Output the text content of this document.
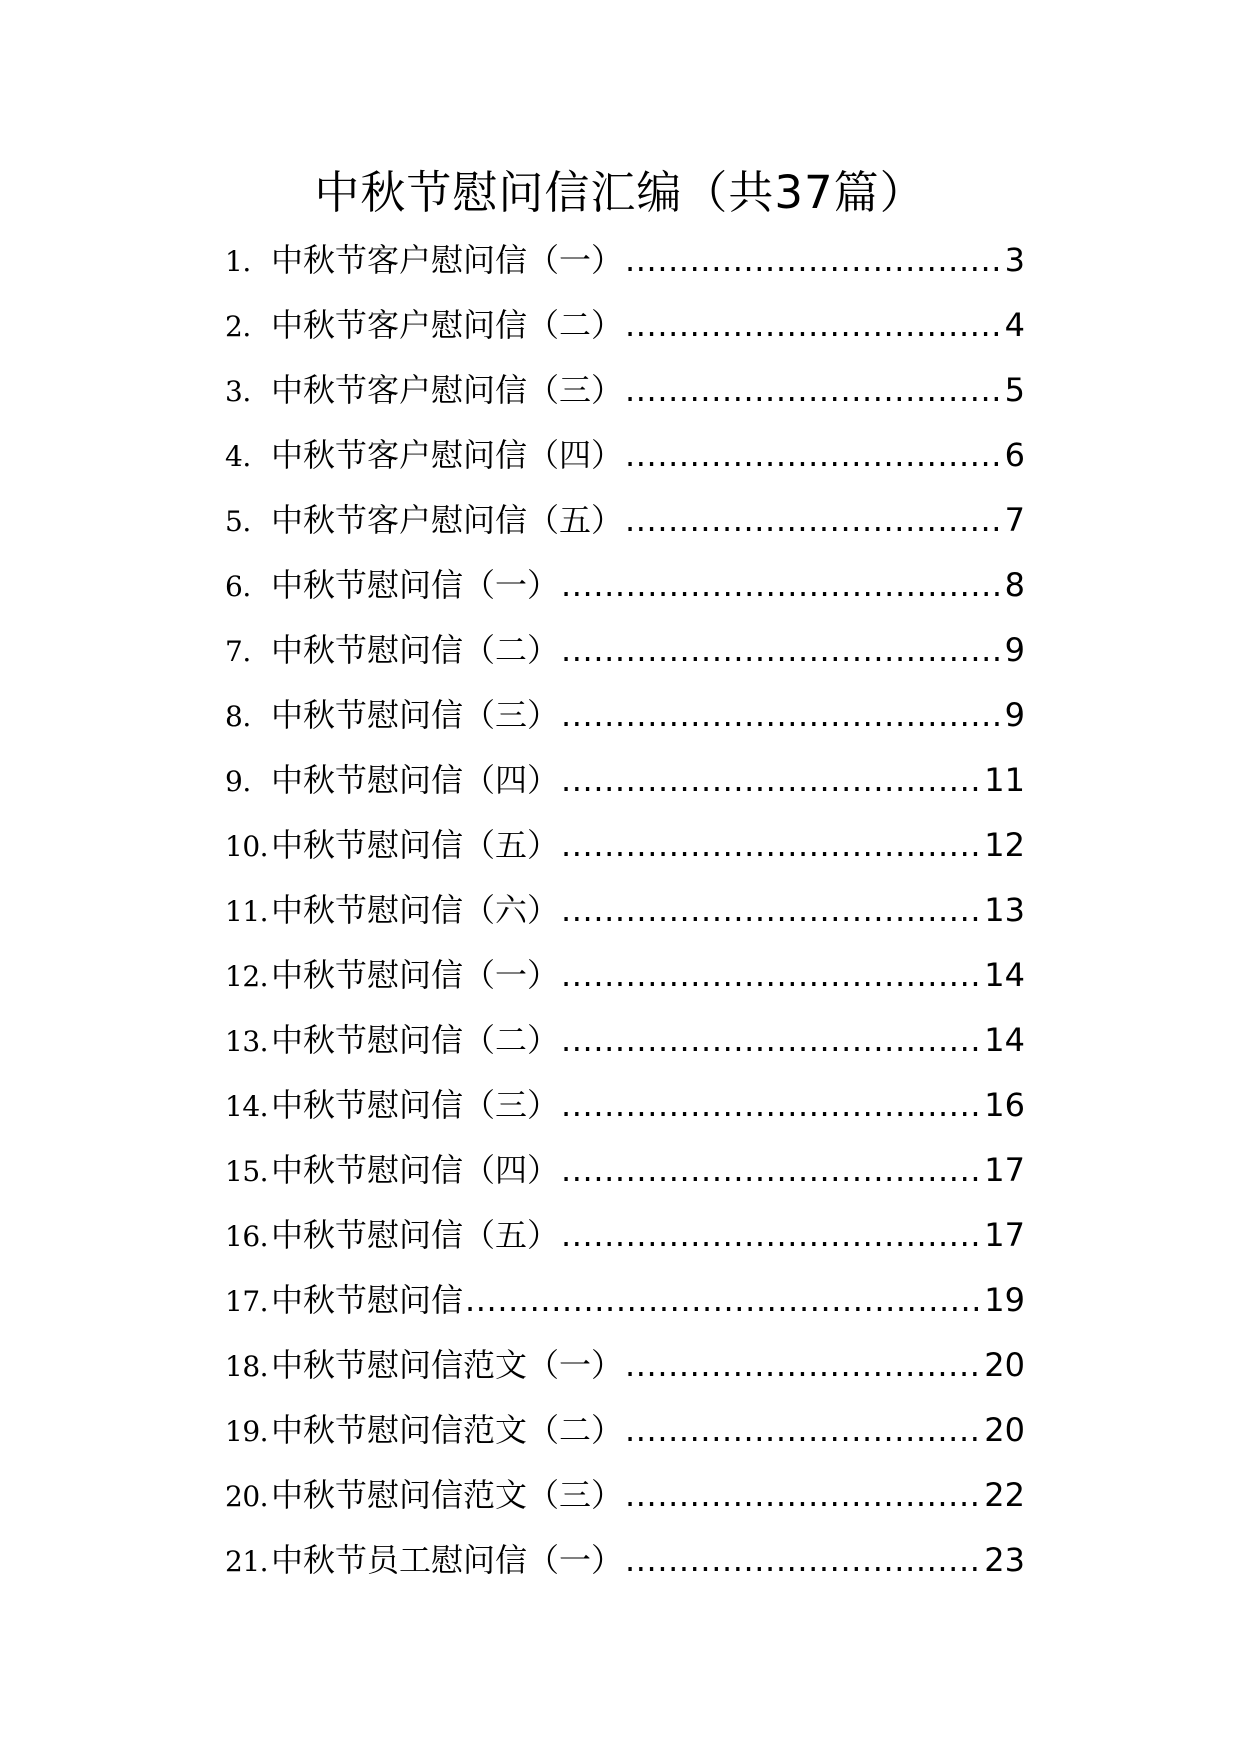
中秋节慰问信汇编（共37篇）
1. 中秋节客户慰问信（一） .....	3
2. 中秋节客户慰问信（二） .....	4
3. 中秋节客户慰问信（三） .....	5
4. 中秋节客户慰问信（四） .....	6
5. 中秋节客户慰问信（五） .....	7
6. 中秋节慰问信（一） .....	8
7. 中秋节慰问信（二） .....	9
8. 中秋节慰问信（三） .....	9
9. 中秋节慰问信（四） .....	11
10. 中秋节慰问信（五） .....	12
11. 中秋节慰问信（六） .....	13
12. 中秋节慰问信（一） .....	14
13. 中秋节慰问信（二） .....	14
14. 中秋节慰问信（三） .....	16
15. 中秋节慰问信（四） .....	17
16. 中秋节慰问信（五） .....	17
17. 中秋节慰问信 .....	19
18. 中秋节慰问信范文（一） .....	20
19. 中秋节慰问信范文（二） .....	20
20. 中秋节慰问信范文（三） .....	22
21. 中秋节员工慰问信（一） .....	23
